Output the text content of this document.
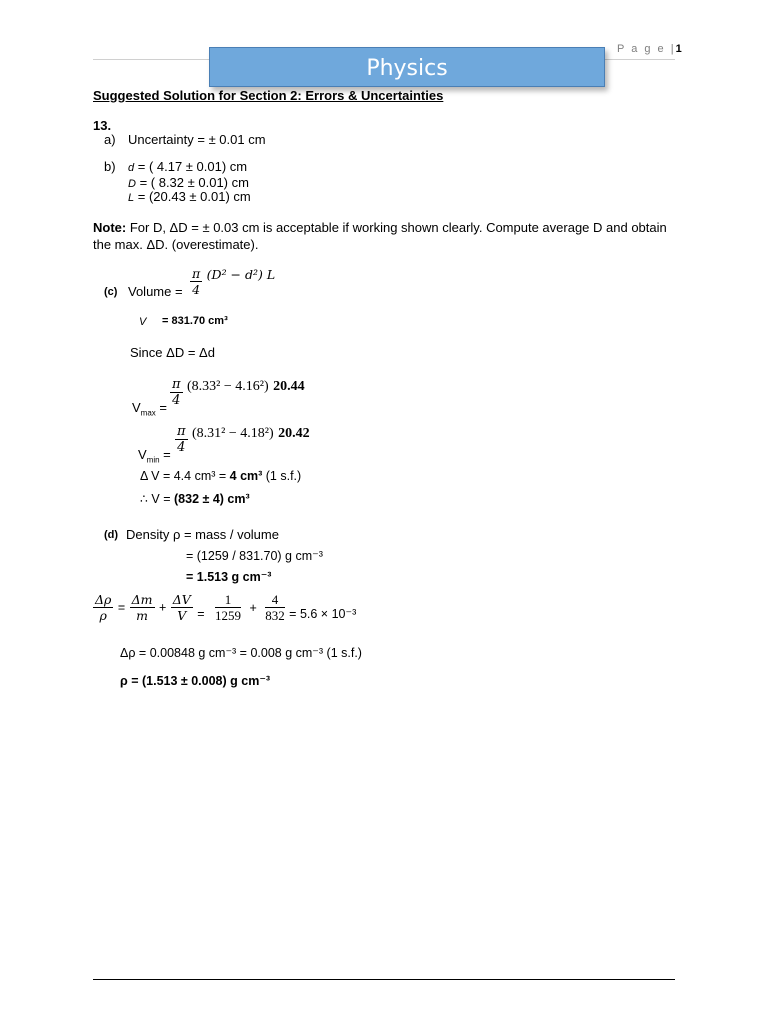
P a g e |1
Physics
Suggested Solution for Section 2: Errors & Uncertainties
13.
a) Uncertainty = ± 0.01 cm
b) d = ( 4.17 ± 0.01) cm
D = ( 8.32 ± 0.01) cm
L = (20.43 ± 0.01) cm
Note: For D, ΔD = ± 0.03 cm is acceptable if working shown clearly. Compute average D and obtain the max. ΔD. (overestimate).
$\frac{\pi}{4} ^{(D^2 - d^2) L}$
(c) Volume =
V = 831.70 cm³
Since ΔD = Δd
$\frac{\pi}{4} (8.33^2 - 4.16^2)$ 20.44
$V_{max}$ =
$\frac{\pi}{4} (8.31^2 - 4.18^2)$ 20.42
$V_{min}$ =
Δ V = 4.4 cm³ = 4 cm³ (1 s.f.)
∴ V = (832 ± 4) cm³
(d) Density ρ = mass / volume
= (1259 / 831.70) g cm⁻³
= 1.513 g cm⁻³
$\frac{\Delta\rho}{\rho} = \frac{\Delta m}{m} + \frac{\Delta V}{V} _= \frac{1}{1259} + \frac{4}{832} _{= 5.6 \times 10^{-3}}$
Δρ = 0.00848 g cm⁻³ = 0.008 g cm⁻³ (1 s.f.)
ρ = (1.513 ± 0.008) g cm⁻³
